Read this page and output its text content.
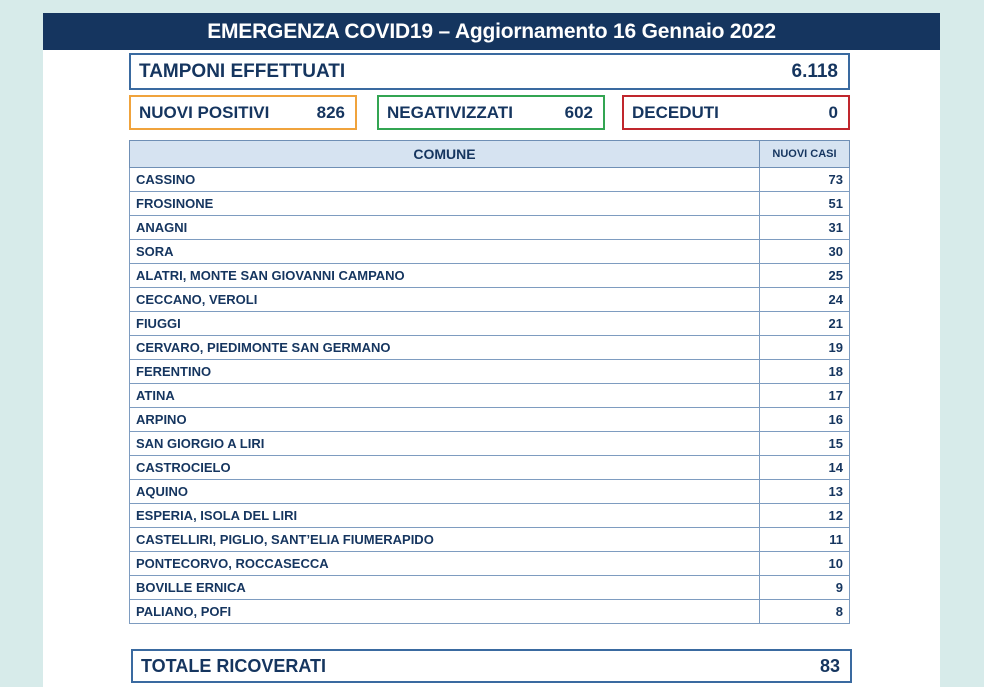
EMERGENZA COVID19 – Aggiornamento 16 Gennaio 2022
TAMPONI EFFETTUATI	6.118
NUOVI POSITIVI	826 NEGATIVIZZATI	602 DECEDUTI	0
COMUNE	NUOVI CASI
CASSINO	73
FROSINONE	51
ANAGNI	31
SORA	30
ALATRI, MONTE SAN GIOVANNI CAMPANO	25
CECCANO, VEROLI	24
FIUGGI	21
CERVARO, PIEDIMONTE SAN GERMANO	19
FERENTINO	18
ATINA	17
ARPINO	16
SAN GIORGIO A LIRI	15
CASTROCIELO	14
AQUINO	13
ESPERIA, ISOLA DEL LIRI	12
CASTELLIRI, PIGLIO, SANT’ELIA FIUMERAPIDO	11
PONTECORVO, ROCCASECCA	10
BOVILLE ERNICA	9
PALIANO, POFI	8
TOTALE RICOVERATI	83
